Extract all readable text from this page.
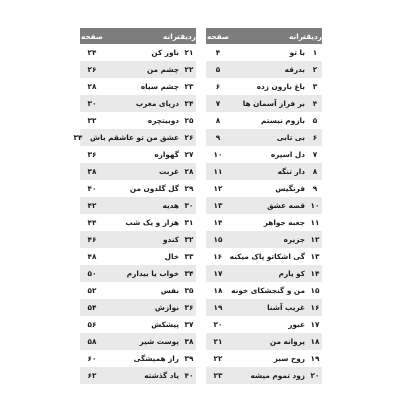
ردیف
ترانه
صفحه
۱
با تو
۴
۲
بدرقه
۵
۳
باغ بارون زده
۶
۴
بر فراز آسمان ها
۷
۵
بازوم نیستم
۸
۶
بی تابی
۹
۷
دل اسیره
۱۰
۸
دار تنگه
۱۱
۹
فرنگیس
۱۲
۱۰
قصه عشق
۱۳
۱۱
جعبه جواهر
۱۴
۱۲
جزیره
۱۵
۱۳
گی اشکاتو پاک میکنه
۱۶
۱۴
کو یارم
۱۷
۱۵
من و گنجشکای خونه
۱۸
۱۶
غریب آشنا
۱۹
۱۷
عبور
۲۰
۱۸
پروانه من
۲۱
۱۹
روح سبز
۲۲
۲۰
زود تموم میشه
۲۳
ردیف
ترانه
صفحه
۲۱
باور کن
۲۴
۲۲
چشم من
۲۶
۲۳
چشم سیاه
۲۸
۲۴
دریای مغرب
۳۰
۲۵
دوبیتچره
۳۲
۲۶
عشق من تو عاشقم باش
۳۴
۲۷
گهواره
۳۶
۲۸
غربت
۳۸
۲۹
گل گلدون من
۴۰
۳۰
هدیه
۴۲
۳۱
هزار و یک شب
۴۴
۳۲
کندو
۴۶
۳۳
خال
۴۸
۳۴
خواب یا بیدارم
۵۰
۳۵
نفس
۵۲
۳۶
نوازش
۵۴
۳۷
پیشکش
۵۶
۳۸
پوست شیر
۵۸
۳۹
راز همیشگی
۶۰
۴۰
یاد گذشته
۶۲
